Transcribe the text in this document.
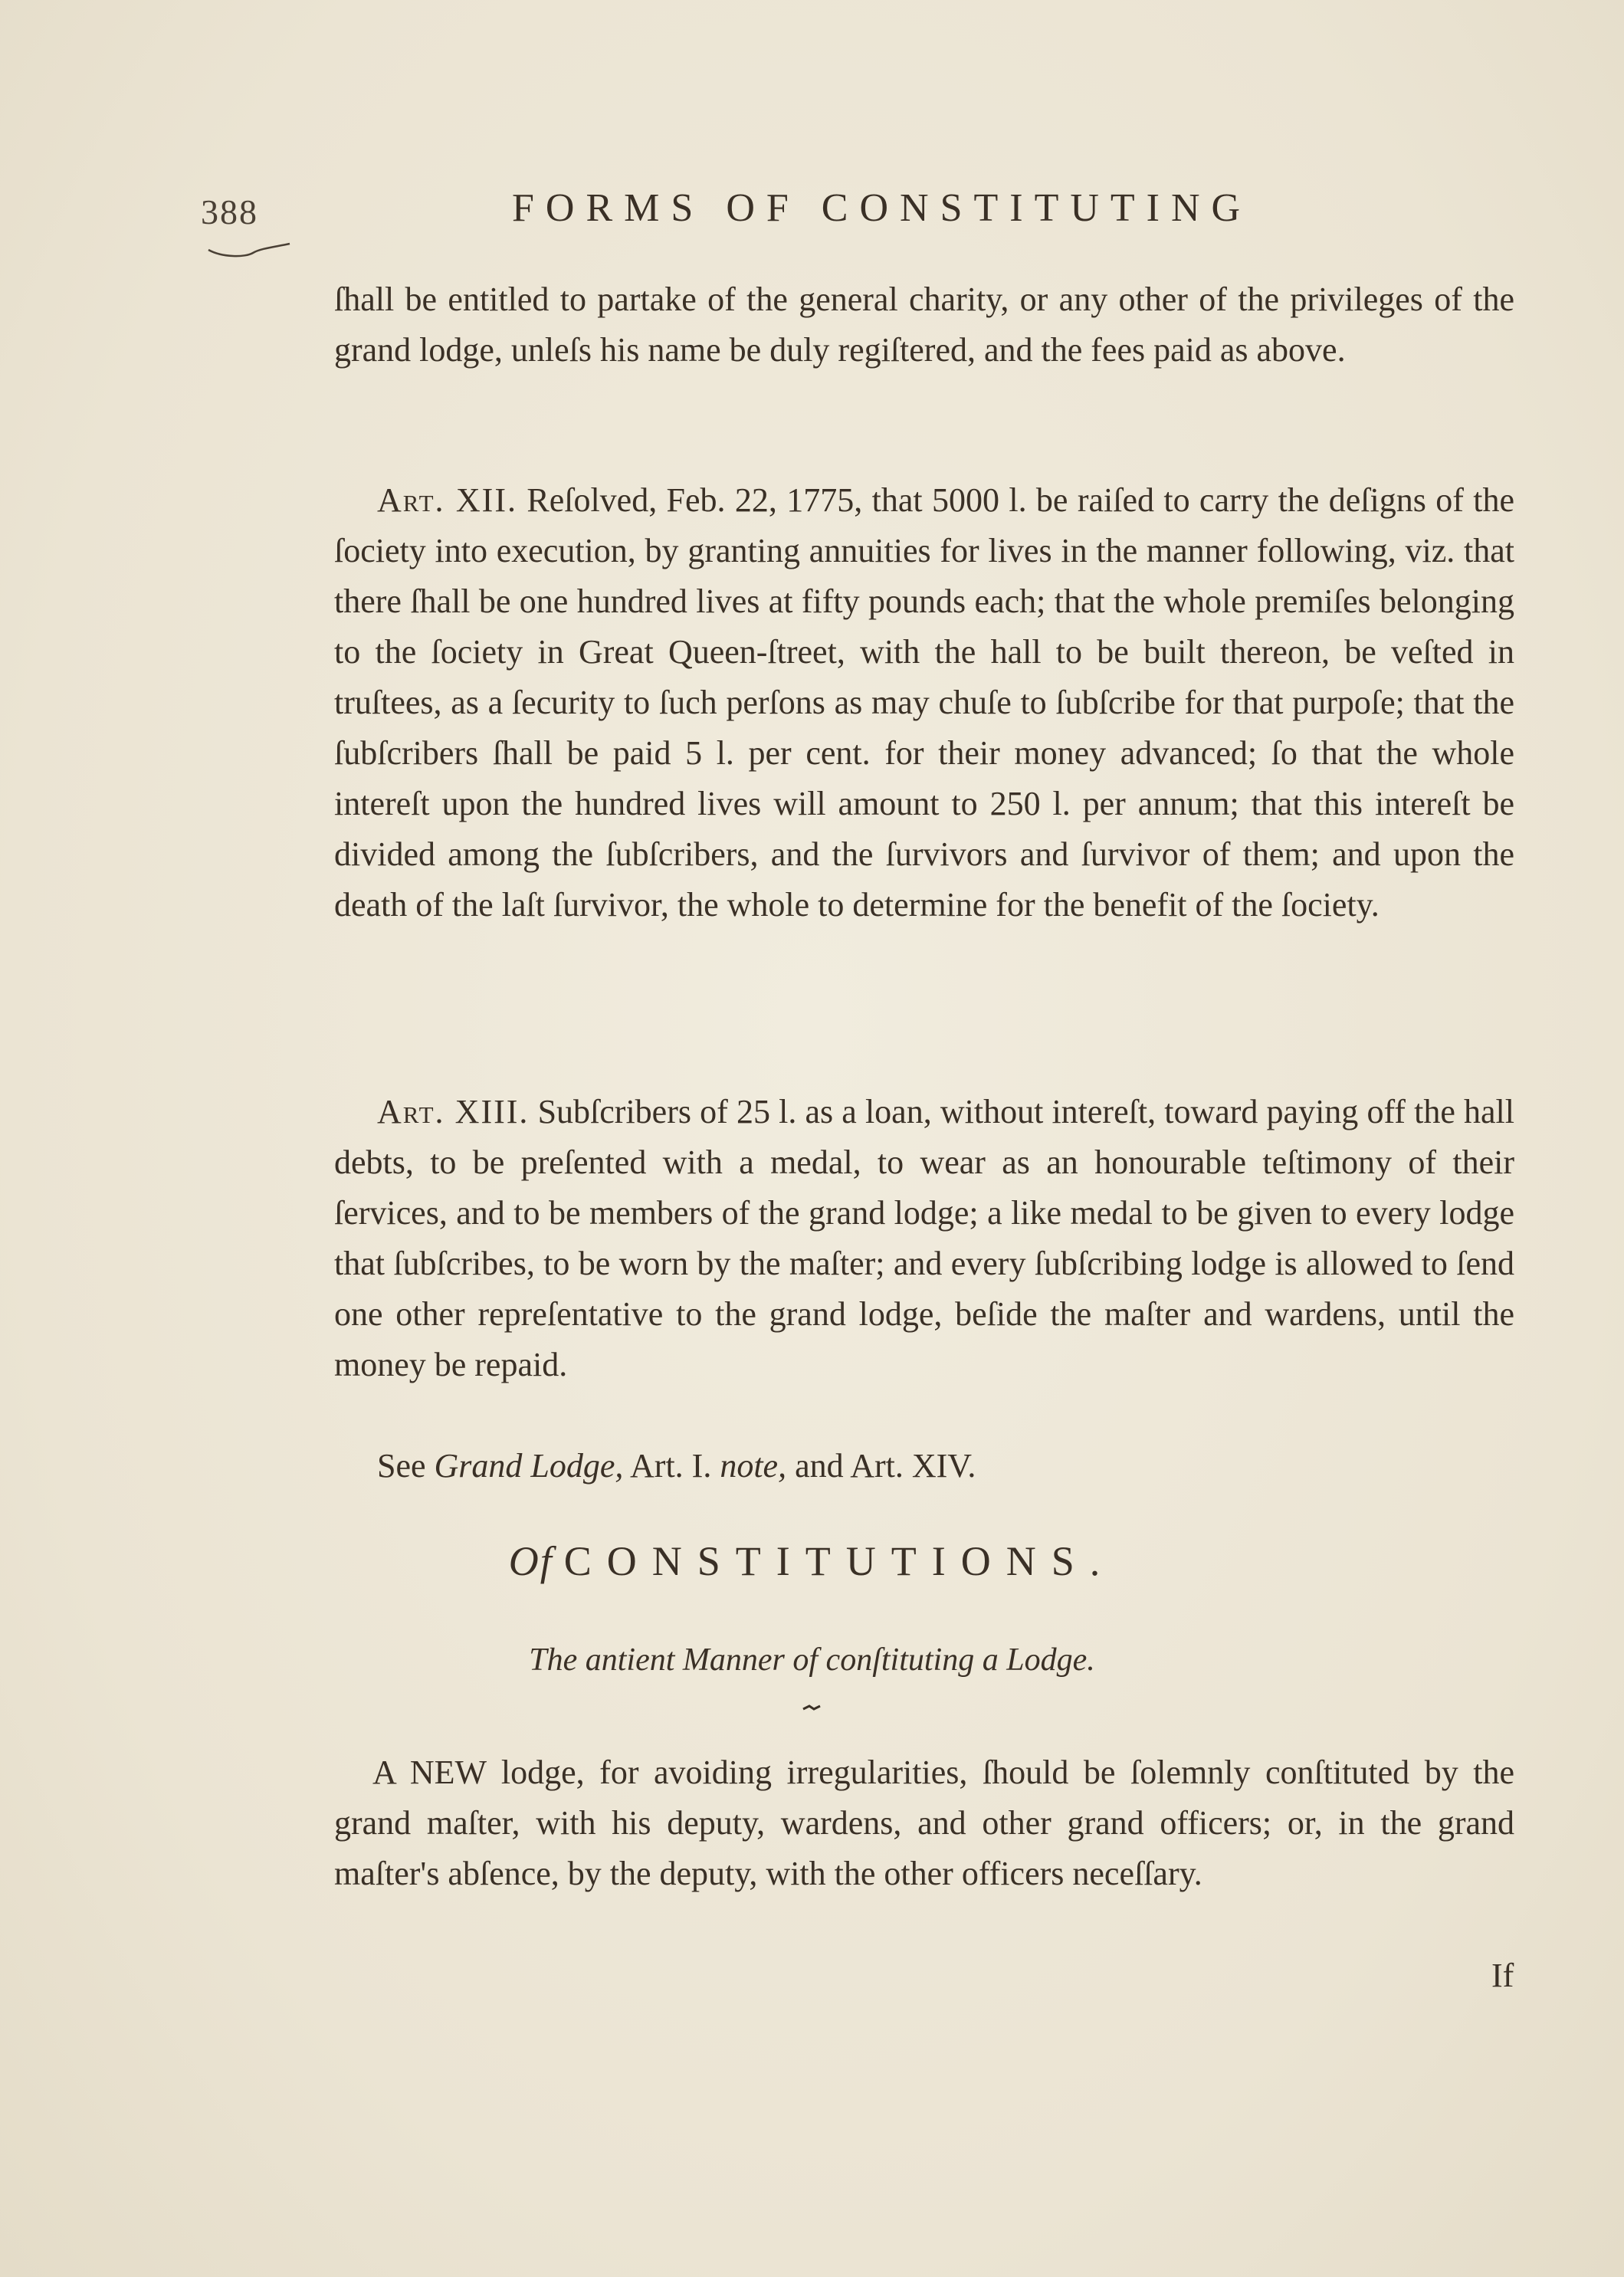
388	FORMS OF CONSTITUTING

ſhall be entitled to partake of the general charity, or any other of the privileges of the grand lodge, unleſs his name be duly regiſtered, and the fees paid as above.

Art. XII. Reſolved, Feb. 22, 1775, that 5000 l. be raiſed to carry the deſigns of the ſociety into execution, by granting annuities for lives in the manner following, viz. that there ſhall be one hundred lives at fifty pounds each; that the whole premiſes belonging to the ſociety in Great Queen-ſtreet, with the hall to be built thereon, be veſted in truſtees, as a ſecurity to ſuch perſons as may chuſe to ſubſcribe for that purpoſe; that the ſubſcribers ſhall be paid 5 l. per cent. for their money advanced; ſo that the whole intereſt upon the hundred lives will amount to 250 l. per annum; that this intereſt be divided among the ſubſcribers, and the ſurvivors and ſurvivor of them; and upon the death of the laſt ſurvivor, the whole to determine for the benefit of the ſociety.

Art. XIII. Subſcribers of 25 l. as a loan, without intereſt, toward paying off the hall debts, to be preſented with a medal, to wear as an honourable teſtimony of their ſervices, and to be members of the grand lodge; a like medal to be given to every lodge that ſubſcribes, to be worn by the maſter; and every ſubſcribing lodge is allowed to ſend one other repreſentative to the grand lodge, beſide the maſter and wardens, until the money be repaid.

See Grand Lodge, Art. I. note, and Art. XIV.

Of CONSTITUTIONS.
The antient Manner of conſtituting a Lodge.

A NEW lodge, for avoiding irregularities, ſhould be ſolemnly conſtituted by the grand maſter, with his deputy, wardens, and other grand officers; or, in the grand maſter's abſence, by the deputy, with the other officers neceſſary.

If
